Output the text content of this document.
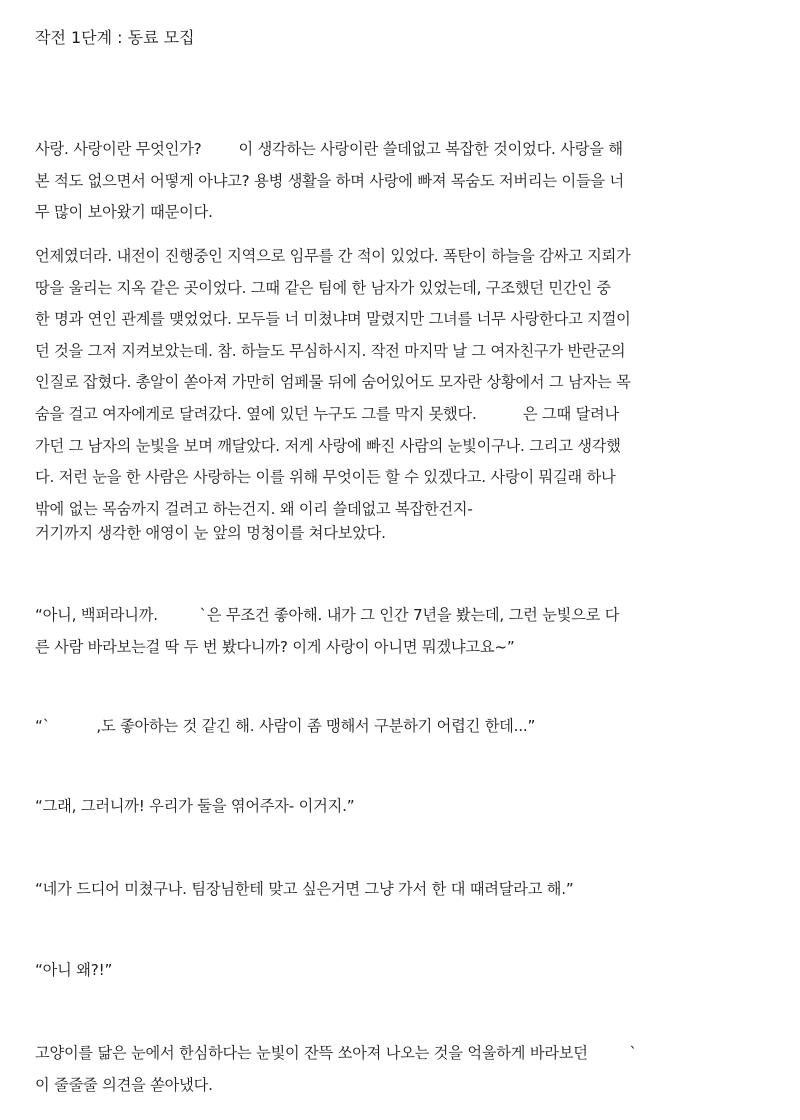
작전 1단계 : 동료 모집
사랑. 사랑이란 무엇인가?        이 생각하는 사랑이란 쓸데없고 복잡한 것이었다. 사랑을 해
본 적도 없으면서 어떻게 아냐고? 용병 생활을 하며 사랑에 빠져 목숨도 저버리는 이들을 너
무 많이 보아왔기 때문이다.
언제였더라. 내전이 진행중인 지역으로 임무를 간 적이 있었다. 폭탄이 하늘을 감싸고 지뢰가
땅을 울리는 지옥 같은 곳이었다. 그때 같은 팀에 한 남자가 있었는데, 구조했던 민간인 중
한 명과 연인 관계를 맺었었다. 모두들 너 미쳤냐며 말렸지만 그녀를 너무 사랑한다고 지껄이
던 것을 그저 지켜보았는데. 참. 하늘도 무심하시지. 작전 마지막 날 그 여자친구가 반란군의
인질로 잡혔다. 총알이 쏟아져 가만히 엄페물 뒤에 숨어있어도 모자란 상황에서 그 남자는 목
숨을 걸고 여자에게로 달려갔다. 옆에 있던 누구도 그를 막지 못했다.          은 그때 달려나
가던 그 남자의 눈빛을 보며 깨달았다. 저게 사랑에 빠진 사람의 눈빛이구나. 그리고 생각했
다. 저런 눈을 한 사람은 사랑하는 이를 위해 무엇이든 할 수 있겠다고. 사랑이 뭐길래 하나
밖에 없는 목숨까지 걸려고 하는건지. 왜 이리 쓸데없고 복잡한건지-
거기까지 생각한 애영이 눈 앞의 멍청이를 쳐다보았다.
“아니, 백퍼라니까.         `은 무조건 좋아해. 내가 그 인간 7년을 봤는데, 그런 눈빛으로 다
른 사람 바라보는걸 딱 두 번 봤다니까? 이게 사랑이 아니면 뭐겠냐고요~”
“`          ,도 좋아하는 것 같긴 해. 사람이 좀 맹해서 구분하기 어렵긴 한데...”
“그래, 그러니까! 우리가 둘을 엮어주자- 이거지.”
“네가 드디어 미쳤구나. 팀장님한테 맞고 싶은거면 그냥 가서 한 대 때려달라고 해.”
“아니 왜?!”
고양이를 닮은 눈에서 한심하다는 눈빛이 잔뜩 쏘아져 나오는 것을 억울하게 바라보던         `
이 줄줄줄 의견을 쏟아냈다.
